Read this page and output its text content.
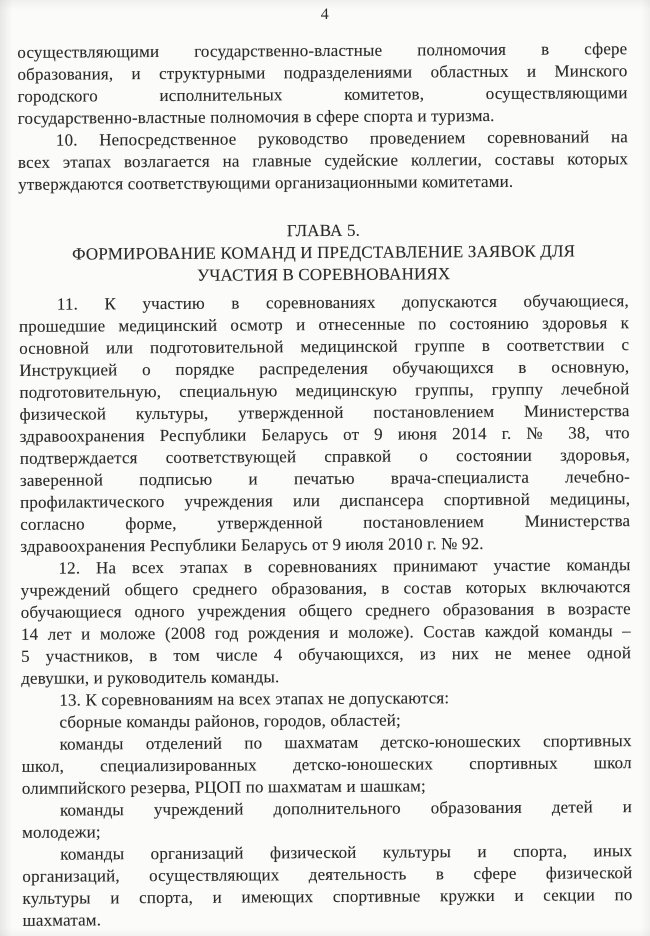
4
осуществляющими государственно-властные полномочия в сфере
образования, и структурными подразделениями областных и Минского
городского исполнительных комитетов, осуществляющими
государственно-властные полномочия в сфере спорта и туризма.
10. Непосредственное руководство проведением соревнований на
всех этапах возлагается на главные судейские коллегии, составы которых
утверждаются соответствующими организационными комитетами.
ГЛАВА 5.
ФОРМИРОВАНИЕ КОМАНД И ПРЕДСТАВЛЕНИЕ ЗАЯВОК ДЛЯ
УЧАСТИЯ В СОРЕВНОВАНИЯХ
11. К участию в соревнованиях допускаются обучающиеся,
прошедшие медицинский осмотр и отнесенные по состоянию здоровья к
основной или подготовительной медицинской группе в соответствии с
Инструкцией о порядке распределения обучающихся в основную,
подготовительную, специальную медицинскую группы, группу лечебной
физической культуры, утвержденной постановлением Министерства
здравоохранения Республики Беларусь от 9 июня 2014 г. № 38, что
подтверждается соответствующей справкой о состоянии здоровья,
заверенной подписью и печатью врача-специалиста лечебно-
профилактического учреждения или диспансера спортивной медицины,
согласно форме, утвержденной постановлением Министерства
здравоохранения Республики Беларусь от 9 июля 2010 г. № 92.
12. На всех этапах в соревнованиях принимают участие команды
учреждений общего среднего образования, в состав которых включаются
обучающиеся одного учреждения общего среднего образования в возрасте
14 лет и моложе (2008 год рождения и моложе). Состав каждой команды –
5 участников, в том числе 4 обучающихся, из них не менее одной
девушки, и руководитель команды.
13. К соревнованиям на всех этапах не допускаются:
сборные команды районов, городов, областей;
команды отделений по шахматам детско-юношеских спортивных
школ, специализированных детско-юношеских спортивных школ
олимпийского резерва, РЦОП по шахматам и шашкам;
команды учреждений дополнительного образования детей и
молодежи;
команды организаций физической культуры и спорта, иных
организаций, осуществляющих деятельность в сфере физической
культуры и спорта, и имеющих спортивные кружки и секции по
шахматам.
